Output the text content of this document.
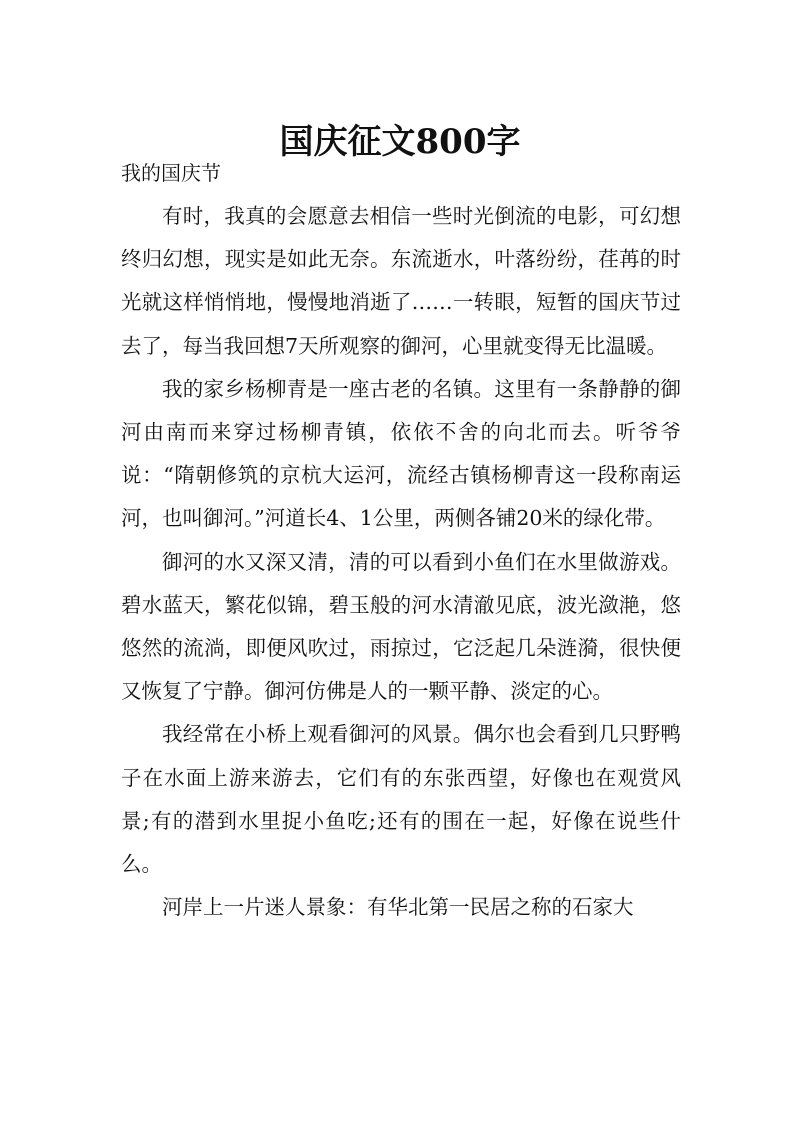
国庆征文800字
我的国庆节

有时，我真的会愿意去相信一些时光倒流的电影，可幻想终归幻想，现实是如此无奈。东流逝水，叶落纷纷，荏苒的时光就这样悄悄地，慢慢地消逝了……一转眼，短暂的国庆节过去了，每当我回想7天所观察的御河，心里就变得无比温暖。

我的家乡杨柳青是一座古老的名镇。这里有一条静静的御河由南而来穿过杨柳青镇，依依不舍的向北而去。听爷爷说：“隋朝修筑的京杭大运河，流经古镇杨柳青这一段称南运河，也叫御河。”河道长4、1公里，两侧各铺20米的绿化带。

御河的水又深又清，清的可以看到小鱼们在水里做游戏。碧水蓝天，繁花似锦，碧玉般的河水清澈见底，波光潋滟，悠悠然的流淌，即便风吹过，雨掠过，它泛起几朵涟漪，很快便又恢复了宁静。御河仿佛是人的一颗平静、淡定的心。

我经常在小桥上观看御河的风景。偶尔也会看到几只野鸭子在水面上游来游去，它们有的东张西望，好像也在观赏风景;有的潜到水里捉小鱼吃;还有的围在一起，好像在说些什么。

河岸上一片迷人景象：有华北第一民居之称的石家大
